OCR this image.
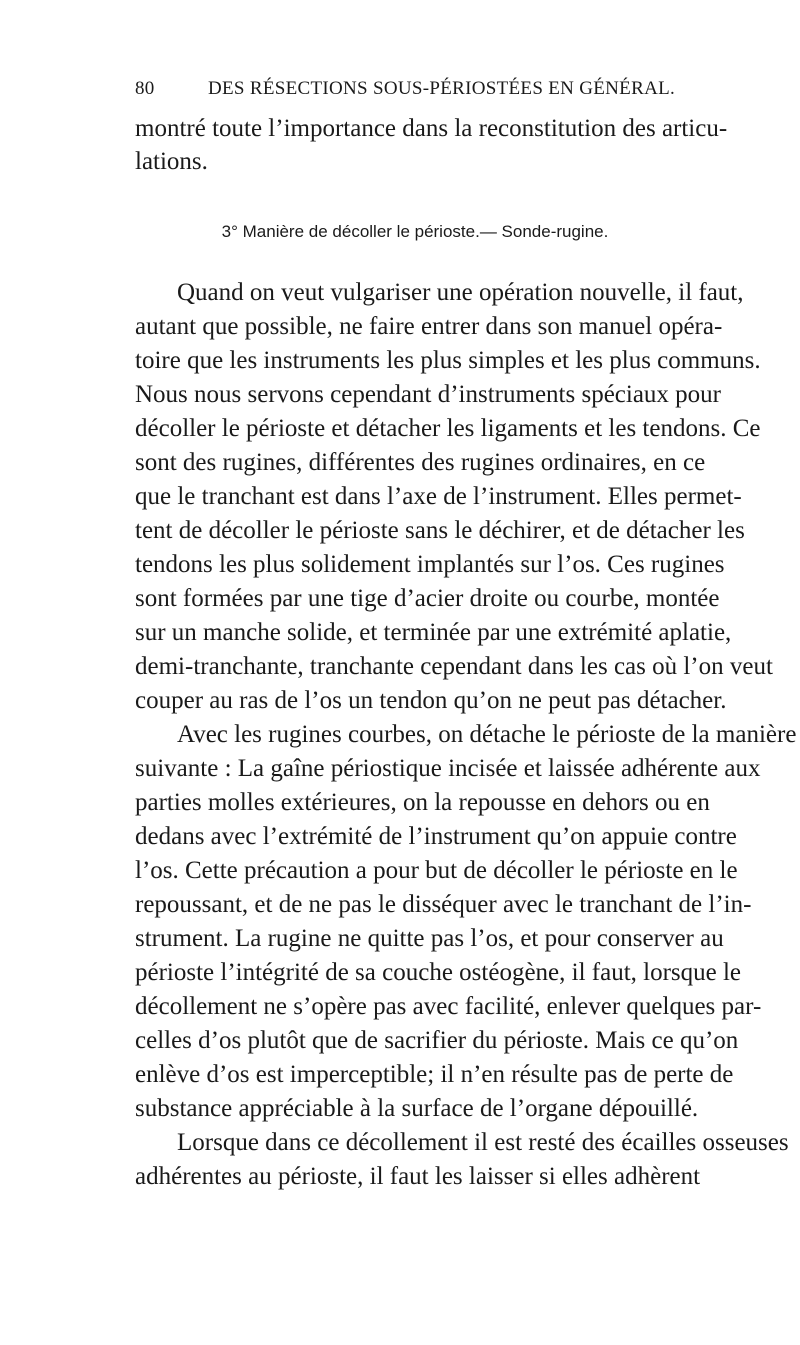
80	DES RÉSECTIONS SOUS-PÉRIOSTÉES EN GÉNÉRAL.
montré toute l’importance dans la reconstitution des articu-
lations.
3° Manière de décoller le périoste.— Sonde-rugine.
Quand on veut vulgariser une opération nouvelle, il faut,
autant que possible, ne faire entrer dans son manuel opéra-
toire que les instruments les plus simples et les plus communs.
Nous nous servons cependant d’instruments spéciaux pour
décoller le périoste et détacher les ligaments et les tendons. Ce
sont des rugines, différentes des rugines ordinaires, en ce
que le tranchant est dans l’axe de l’instrument. Elles permet-
tent de décoller le périoste sans le déchirer, et de détacher les
tendons les plus solidement implantés sur l’os. Ces rugines
sont formées par une tige d’acier droite ou courbe, montée
sur un manche solide, et terminée par une extrémité aplatie,
demi-tranchante, tranchante cependant dans les cas où l’on veut
couper au ras de l’os un tendon qu’on ne peut pas détacher.
Avec les rugines courbes, on détache le périoste de la manière
suivante : La gaîne périostique incisée et laissée adhérente aux
parties molles extérieures, on la repousse en dehors ou en
dedans avec l’extrémité de l’instrument qu’on appuie contre
l’os. Cette précaution a pour but de décoller le périoste en le
repoussant, et de ne pas le disséquer avec le tranchant de l’in-
strument. La rugine ne quitte pas l’os, et pour conserver au
périoste l’intégrité de sa couche ostéogène, il faut, lorsque le
décollement ne s’opère pas avec facilité, enlever quelques par-
celles d’os plutôt que de sacrifier du périoste. Mais ce qu’on
enlève d’os est imperceptible; il n’en résulte pas de perte de
substance appréciable à la surface de l’organe dépouillé.
Lorsque dans ce décollement il est resté des écailles osseuses
adhérentes au périoste, il faut les laisser si elles adhèrent
